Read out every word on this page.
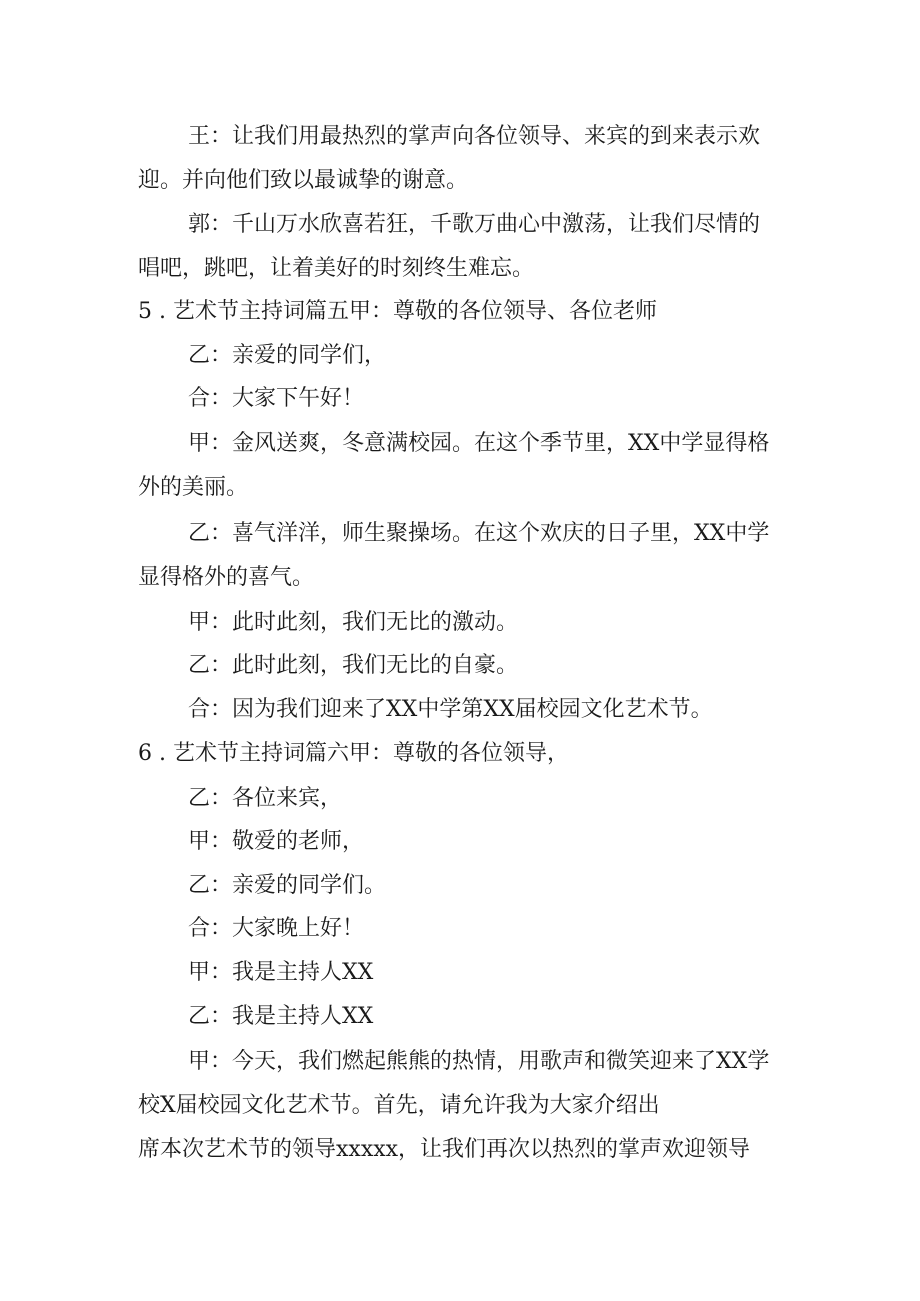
王：让我们用最热烈的掌声向各位领导、来宾的到来表示欢
迎。并向他们致以最诚挚的谢意。
郭：千山万水欣喜若狂，千歌万曲心中激荡，让我们尽情的
唱吧，跳吧，让着美好的时刻终生难忘。
5 . 艺术节主持词篇五甲：尊敬的各位领导、各位老师
乙：亲爱的同学们，
合：大家下午好！
甲：金风送爽，冬意满校园。在这个季节里，XX中学显得格
外的美丽。
乙：喜气洋洋，师生聚操场。在这个欢庆的日子里，XX中学
显得格外的喜气。
甲：此时此刻，我们无比的激动。
乙：此时此刻，我们无比的自豪。
合：因为我们迎来了XX中学第XX届校园文化艺术节。
6 . 艺术节主持词篇六甲：尊敬的各位领导，
乙：各位来宾，
甲：敬爱的老师，
乙：亲爱的同学们。
合：大家晚上好！
甲：我是主持人XX
乙：我是主持人XX
甲：今天，我们燃起熊熊的热情，用歌声和微笑迎来了XX学
校X届校园文化艺术节。首先，请允许我为大家介绍出
席本次艺术节的领导xxxxx，让我们再次以热烈的掌声欢迎领导
